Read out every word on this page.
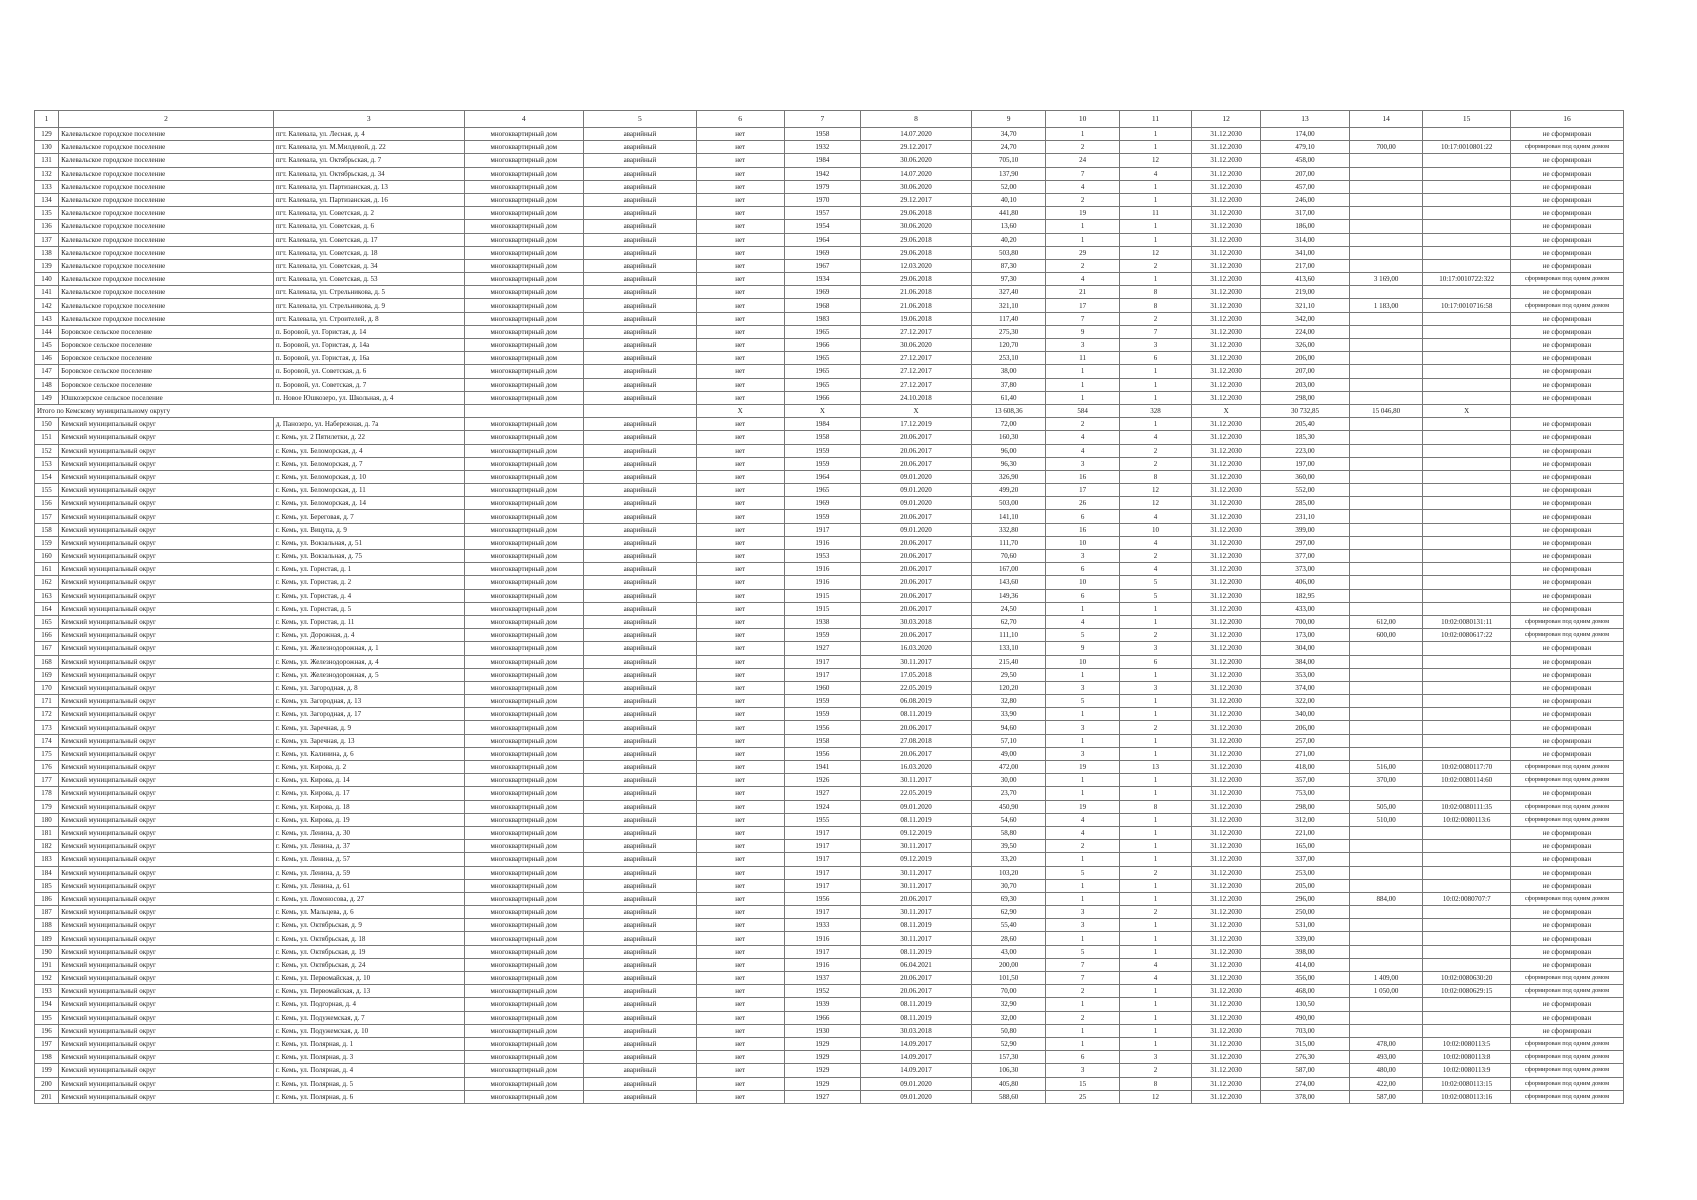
1	2	3	4	5	6	7	8	9	10	11	12	13	14	15	16
129	Калевальское городское поселение	пгт. Калевала, ул. Лесная, д. 4	многоквартирный дом	аварийный	нет	1958	14.07.2020	34,70	1	1	31.12.2030	174,00			не сформирован
130	Калевальское городское поселение	пгт. Калевала, ул. М.Милдевой, д. 22	многоквартирный дом	аварийный	нет	1932	29.12.2017	24,70	2	1	31.12.2030	479,10	700,00	10:17:0010801:22	сформирован под одним домом
131	Калевальское городское поселение	пгт. Калевала, ул. Октябрьская, д. 7	многоквартирный дом	аварийный	нет	1984	30.06.2020	705,10	24	12	31.12.2030	458,00			не сформирован
132	Калевальское городское поселение	пгт. Калевала, ул. Октябрьская, д. 34	многоквартирный дом	аварийный	нет	1942	14.07.2020	137,90	7	4	31.12.2030	207,00			не сформирован
133	Калевальское городское поселение	пгт. Калевала, ул. Партизанская, д. 13	многоквартирный дом	аварийный	нет	1979	30.06.2020	52,00	4	1	31.12.2030	457,00			не сформирован
134	Калевальское городское поселение	пгт. Калевала, ул. Партизанская, д. 16	многоквартирный дом	аварийный	нет	1970	29.12.2017	40,10	2	1	31.12.2030	246,00			не сформирован
135	Калевальское городское поселение	пгт. Калевала, ул. Советская, д. 2	многоквартирный дом	аварийный	нет	1957	29.06.2018	441,80	19	11	31.12.2030	317,00			не сформирован
136	Калевальское городское поселение	пгт. Калевала, ул. Советская, д. 6	многоквартирный дом	аварийный	нет	1954	30.06.2020	13,60	1	1	31.12.2030	186,00			не сформирован
137	Калевальское городское поселение	пгт. Калевала, ул. Советская, д. 17	многоквартирный дом	аварийный	нет	1964	29.06.2018	40,20	1	1	31.12.2030	314,00			не сформирован
138	Калевальское городское поселение	пгт. Калевала, ул. Советская, д. 18	многоквартирный дом	аварийный	нет	1969	29.06.2018	503,80	29	12	31.12.2030	341,00			не сформирован
139	Калевальское городское поселение	пгт. Калевала, ул. Советская, д. 34	многоквартирный дом	аварийный	нет	1967	12.03.2020	87,30	2	2	31.12.2030	217,00			не сформирован
140	Калевальское городское поселение	пгт. Калевала, ул. Советская, д. 53	многоквартирный дом	аварийный	нет	1934	29.06.2018	97,30	4	1	31.12.2030	413,60	3 169,00	10:17:0010722:322	сформирован под одним домом
141	Калевальское городское поселение	пгт. Калевала, ул. Стрельникова, д. 5	многоквартирный дом	аварийный	нет	1969	21.06.2018	327,40	21	8	31.12.2030	219,00			не сформирован
142	Калевальское городское поселение	пгт. Калевала, ул. Стрельникова, д. 9	многоквартирный дом	аварийный	нет	1968	21.06.2018	321,10	17	8	31.12.2030	321,10	1 183,00	10:17:0010716:58	сформирован под одним домом
143	Калевальское городское поселение	пгт. Калевала, ул. Строителей, д. 8	многоквартирный дом	аварийный	нет	1983	19.06.2018	117,40	7	2	31.12.2030	342,00			не сформирован
144	Боровское сельское поселение	п. Боровой, ул. Гористая, д. 14	многоквартирный дом	аварийный	нет	1965	27.12.2017	275,30	9	7	31.12.2030	224,00			не сформирован
145	Боровское сельское поселение	п. Боровой, ул. Гористая, д. 14а	многоквартирный дом	аварийный	нет	1966	30.06.2020	120,70	3	3	31.12.2030	326,00			не сформирован
146	Боровское сельское поселение	п. Боровой, ул. Гористая, д. 16а	многоквартирный дом	аварийный	нет	1965	27.12.2017	253,10	11	6	31.12.2030	206,00			не сформирован
147	Боровское сельское поселение	п. Боровой, ул. Советская, д. 6	многоквартирный дом	аварийный	нет	1965	27.12.2017	38,00	1	1	31.12.2030	207,00			не сформирован
148	Боровское сельское поселение	п. Боровой, ул. Советская, д. 7	многоквартирный дом	аварийный	нет	1965	27.12.2017	37,80	1	1	31.12.2030	203,00			не сформирован
149	Юшкозерское сельское поселение	п. Новое Юшкозеро, ул. Школьная, д. 4	многоквартирный дом	аварийный	нет	1966	24.10.2018	61,40	1	1	31.12.2030	298,00			не сформирован
Итого по Кемскому муниципальному округу					X	X	X	13 608,36	584	328	X	30 732,85	15 046,80	X	
150	Кемский муниципальный округ	д. Панозеро, ул. Набережная, д. 7а	многоквартирный дом	аварийный	нет	1984	17.12.2019	72,00	2	1	31.12.2030	205,40			не сформирован
151	Кемский муниципальный округ	г. Кемь, ул. 2 Пятилетки, д. 22	многоквартирный дом	аварийный	нет	1958	20.06.2017	160,30	4	4	31.12.2030	185,30			не сформирован
152	Кемский муниципальный округ	г. Кемь, ул. Беломорская, д. 4	многоквартирный дом	аварийный	нет	1959	20.06.2017	96,00	4	2	31.12.2030	223,00			не сформирован
153	Кемский муниципальный округ	г. Кемь, ул. Беломорская, д. 7	многоквартирный дом	аварийный	нет	1959	20.06.2017	96,30	3	2	31.12.2030	197,00			не сформирован
154	Кемский муниципальный округ	г. Кемь, ул. Беломорская, д. 10	многоквартирный дом	аварийный	нет	1964	09.01.2020	326,90	16	8	31.12.2030	360,00			не сформирован
155	Кемский муниципальный округ	г. Кемь, ул. Беломорская, д. 11	многоквартирный дом	аварийный	нет	1965	09.01.2020	499,20	17	12	31.12.2030	552,00			не сформирован
156	Кемский муниципальный округ	г. Кемь, ул. Беломорская, д. 14	многоквартирный дом	аварийный	нет	1969	09.01.2020	503,00	26	12	31.12.2030	285,00			не сформирован
157	Кемский муниципальный округ	г. Кемь, ул. Береговая, д. 7	многоквартирный дом	аварийный	нет	1959	20.06.2017	141,10	6	4	31.12.2030	231,10			не сформирован
158	Кемский муниципальный округ	г. Кемь, ул. Вицупа, д. 9	многоквартирный дом	аварийный	нет	1917	09.01.2020	332,80	16	10	31.12.2030	399,00			не сформирован
159	Кемский муниципальный округ	г. Кемь, ул. Вокзальная, д. 51	многоквартирный дом	аварийный	нет	1916	20.06.2017	111,70	10	4	31.12.2030	297,00			не сформирован
160	Кемский муниципальный округ	г. Кемь, ул. Вокзальная, д. 75	многоквартирный дом	аварийный	нет	1953	20.06.2017	70,60	3	2	31.12.2030	377,00			не сформирован
161	Кемский муниципальный округ	г. Кемь, ул. Гористая, д. 1	многоквартирный дом	аварийный	нет	1916	20.06.2017	167,00	6	4	31.12.2030	373,00			не сформирован
162	Кемский муниципальный округ	г. Кемь, ул. Гористая, д. 2	многоквартирный дом	аварийный	нет	1916	20.06.2017	143,60	10	5	31.12.2030	406,00			не сформирован
163	Кемский муниципальный округ	г. Кемь, ул. Гористая, д. 4	многоквартирный дом	аварийный	нет	1915	20.06.2017	149,36	6	5	31.12.2030	182,95			не сформирован
164	Кемский муниципальный округ	г. Кемь, ул. Гористая, д. 5	многоквартирный дом	аварийный	нет	1915	20.06.2017	24,50	1	1	31.12.2030	433,00			не сформирован
165	Кемский муниципальный округ	г. Кемь, ул. Гористая, д. 11	многоквартирный дом	аварийный	нет	1938	30.03.2018	62,70	4	1	31.12.2030	700,00	612,00	10:02:0080131:11	сформирован под одним домом
166	Кемский муниципальный округ	г. Кемь, ул. Дорожная, д. 4	многоквартирный дом	аварийный	нет	1959	20.06.2017	111,10	5	2	31.12.2030	173,00	600,00	10:02:0080617:22	сформирован под одним домом
167	Кемский муниципальный округ	г. Кемь, ул. Железнодорожная, д. 1	многоквартирный дом	аварийный	нет	1927	16.03.2020	133,10	9	3	31.12.2030	304,00			не сформирован
168	Кемский муниципальный округ	г. Кемь, ул. Железнодорожная, д. 4	многоквартирный дом	аварийный	нет	1917	30.11.2017	215,40	10	6	31.12.2030	384,00			не сформирован
169	Кемский муниципальный округ	г. Кемь, ул. Железнодорожная, д. 5	многоквартирный дом	аварийный	нет	1917	17.05.2018	29,50	1	1	31.12.2030	353,00			не сформирован
170	Кемский муниципальный округ	г. Кемь, ул. Загородная, д. 8	многоквартирный дом	аварийный	нет	1960	22.05.2019	120,20	3	3	31.12.2030	374,00			не сформирован
171	Кемский муниципальный округ	г. Кемь, ул. Загородная, д. 13	многоквартирный дом	аварийный	нет	1959	06.08.2019	32,80	5	1	31.12.2030	322,00			не сформирован
172	Кемский муниципальный округ	г. Кемь, ул. Загородная, д. 17	многоквартирный дом	аварийный	нет	1959	08.11.2019	33,90	1	1	31.12.2030	340,00			не сформирован
173	Кемский муниципальный округ	г. Кемь, ул. Заречная, д. 9	многоквартирный дом	аварийный	нет	1956	20.06.2017	94,60	3	2	31.12.2030	206,00			не сформирован
174	Кемский муниципальный округ	г. Кемь, ул. Заречная, д. 13	многоквартирный дом	аварийный	нет	1958	27.08.2018	57,10	1	1	31.12.2030	257,00			не сформирован
175	Кемский муниципальный округ	г. Кемь, ул. Калинина, д. 6	многоквартирный дом	аварийный	нет	1956	20.06.2017	49,00	3	1	31.12.2030	271,00			не сформирован
176	Кемский муниципальный округ	г. Кемь, ул. Кирова, д. 2	многоквартирный дом	аварийный	нет	1941	16.03.2020	472,00	19	13	31.12.2030	418,00	516,00	10:02:0080117:70	сформирован под одним домом
177	Кемский муниципальный округ	г. Кемь, ул. Кирова, д. 14	многоквартирный дом	аварийный	нет	1926	30.11.2017	30,00	1	1	31.12.2030	357,00	370,00	10:02:0080114:60	сформирован под одним домом
178	Кемский муниципальный округ	г. Кемь, ул. Кирова, д. 17	многоквартирный дом	аварийный	нет	1927	22.05.2019	23,70	1	1	31.12.2030	753,00			не сформирован
179	Кемский муниципальный округ	г. Кемь, ул. Кирова, д. 18	многоквартирный дом	аварийный	нет	1924	09.01.2020	450,90	19	8	31.12.2030	298,00	505,00	10:02:0080111:35	сформирован под одним домом
180	Кемский муниципальный округ	г. Кемь, ул. Кирова, д. 19	многоквартирный дом	аварийный	нет	1955	08.11.2019	54,60	4	1	31.12.2030	312,00	510,00	10:02:0080113:6	сформирован под одним домом
181	Кемский муниципальный округ	г. Кемь, ул. Ленина, д. 30	многоквартирный дом	аварийный	нет	1917	09.12.2019	58,80	4	1	31.12.2030	221,00			не сформирован
182	Кемский муниципальный округ	г. Кемь, ул. Ленина, д. 37	многоквартирный дом	аварийный	нет	1917	30.11.2017	39,50	2	1	31.12.2030	165,00			не сформирован
183	Кемский муниципальный округ	г. Кемь, ул. Ленина, д. 57	многоквартирный дом	аварийный	нет	1917	09.12.2019	33,20	1	1	31.12.2030	337,00			не сформирован
184	Кемский муниципальный округ	г. Кемь, ул. Ленина, д. 59	многоквартирный дом	аварийный	нет	1917	30.11.2017	103,20	5	2	31.12.2030	253,00			не сформирован
185	Кемский муниципальный округ	г. Кемь, ул. Ленина, д. 61	многоквартирный дом	аварийный	нет	1917	30.11.2017	30,70	1	1	31.12.2030	205,00			не сформирован
186	Кемский муниципальный округ	г. Кемь, ул. Ломоносова, д. 27	многоквартирный дом	аварийный	нет	1956	20.06.2017	69,30	1	1	31.12.2030	296,00	884,00	10:02:0080707:7	сформирован под одним домом
187	Кемский муниципальный округ	г. Кемь, ул. Мальцева, д. 6	многоквартирный дом	аварийный	нет	1917	30.11.2017	62,90	3	2	31.12.2030	250,00			не сформирован
188	Кемский муниципальный округ	г. Кемь, ул. Октябрьская, д. 9	многоквартирный дом	аварийный	нет	1933	08.11.2019	55,40	3	1	31.12.2030	531,00			не сформирован
189	Кемский муниципальный округ	г. Кемь, ул. Октябрьская, д. 18	многоквартирный дом	аварийный	нет	1916	30.11.2017	28,60	1	1	31.12.2030	339,00			не сформирован
190	Кемский муниципальный округ	г. Кемь, ул. Октябрьская, д. 19	многоквартирный дом	аварийный	нет	1917	08.11.2019	43,00	5	1	31.12.2030	398,00			не сформирован
191	Кемский муниципальный округ	г. Кемь, ул. Октябрьская, д. 24	многоквартирный дом	аварийный	нет	1916	06.04.2021	200,00	7	4	31.12.2030	414,00			не сформирован
192	Кемский муниципальный округ	г. Кемь, ул. Первомайская, д. 10	многоквартирный дом	аварийный	нет	1937	20.06.2017	101,50	7	4	31.12.2030	356,00	1 409,00	10:02:0080630:20	сформирован под одним домом
193	Кемский муниципальный округ	г. Кемь, ул. Первомайская, д. 13	многоквартирный дом	аварийный	нет	1952	20.06.2017	70,00	2	1	31.12.2030	468,00	1 050,00	10:02:0080629:15	сформирован под одним домом
194	Кемский муниципальный округ	г. Кемь, ул. Подгорная, д. 4	многоквартирный дом	аварийный	нет	1939	08.11.2019	32,90	1	1	31.12.2030	130,50			не сформирован
195	Кемский муниципальный округ	г. Кемь, ул. Подужемская, д. 7	многоквартирный дом	аварийный	нет	1966	08.11.2019	32,00	2	1	31.12.2030	490,00			не сформирован
196	Кемский муниципальный округ	г. Кемь, ул. Подужемская, д. 10	многоквартирный дом	аварийный	нет	1930	30.03.2018	50,80	1	1	31.12.2030	703,00			не сформирован
197	Кемский муниципальный округ	г. Кемь, ул. Полярная, д. 1	многоквартирный дом	аварийный	нет	1929	14.09.2017	52,90	1	1	31.12.2030	315,00	478,00	10:02:0080113:5	сформирован под одним домом
198	Кемский муниципальный округ	г. Кемь, ул. Полярная, д. 3	многоквартирный дом	аварийный	нет	1929	14.09.2017	157,30	6	3	31.12.2030	276,30	493,00	10:02:0080113:8	сформирован под одним домом
199	Кемский муниципальный округ	г. Кемь, ул. Полярная, д. 4	многоквартирный дом	аварийный	нет	1929	14.09.2017	106,30	3	2	31.12.2030	587,00	480,00	10:02:0080113:9	сформирован под одним домом
200	Кемский муниципальный округ	г. Кемь, ул. Полярная, д. 5	многоквартирный дом	аварийный	нет	1929	09.01.2020	405,80	15	8	31.12.2030	274,00	422,00	10:02:0080113:15	сформирован под одним домом
201	Кемский муниципальный округ	г. Кемь, ул. Полярная, д. 6	многоквартирный дом	аварийный	нет	1927	09.01.2020	588,60	25	12	31.12.2030	378,00	587,00	10:02:0080113:16	сформирован под одним домом
